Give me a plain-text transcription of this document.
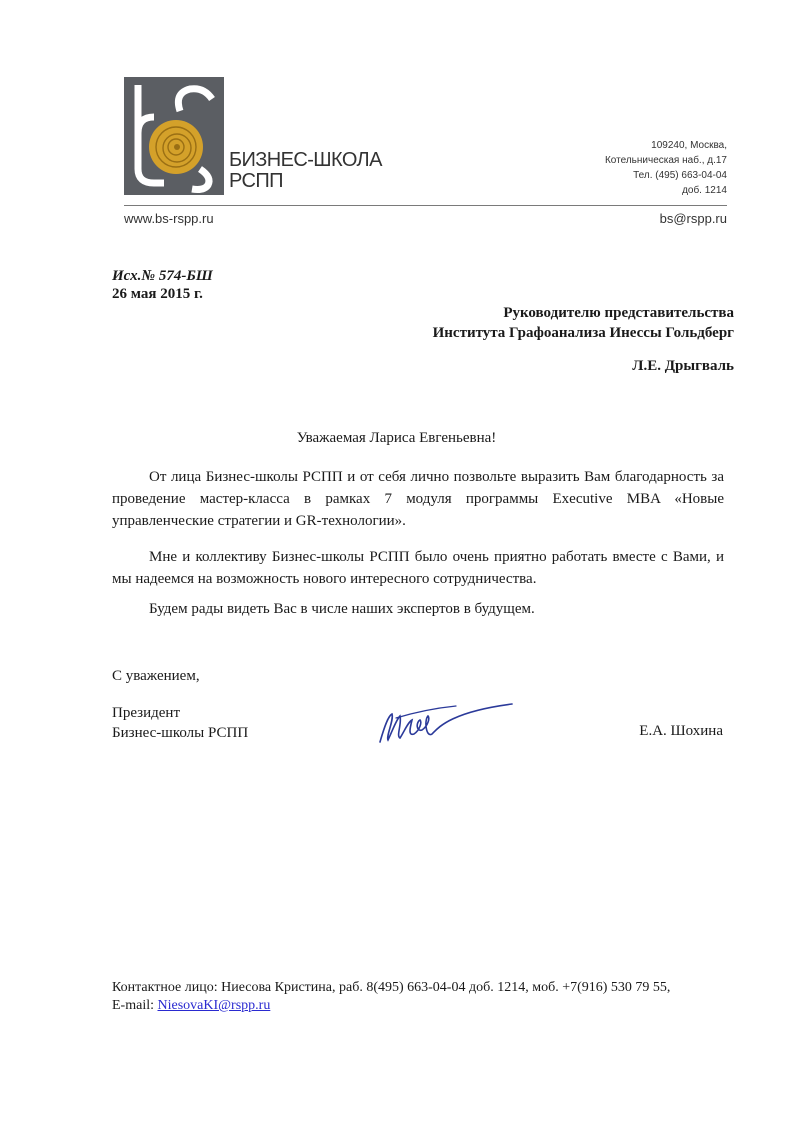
БИЗНЕС-ШКОЛА
РСПП
109240, Москва,
Котельническая наб., д.17
Тел. (495) 663-04-04
доб. 1214
www.bs-rspp.ru	bs@rspp.ru
Исх.№ 574-БШ
26 мая 2015 г.
Руководителю представительства
Института Графоанализа Инессы Гольдберг
Л.Е. Дрыгваль
Уважаемая Лариса Евгеньевна!

От лица Бизнес-школы РСПП и от себя лично позвольте выразить Вам благодарность за проведение мастер-класса в рамках 7 модуля программы Executive MBA «Новые управленческие стратегии и GR-технологии».

Мне и коллективу Бизнес-школы РСПП было очень приятно работать вместе с Вами, и мы надеемся на возможность нового интересного сотрудничества.

Будем рады видеть Вас в числе наших экспертов в будущем.

С уважением,
Президент
Бизнес-школы РСПП	Е.А. Шохина
Контактное лицо: Ниесова Кристина, раб. 8(495) 663-04-04 доб. 1214, моб. +7(916) 530 79 55,
E-mail: NiesovaKI@rspp.ru
